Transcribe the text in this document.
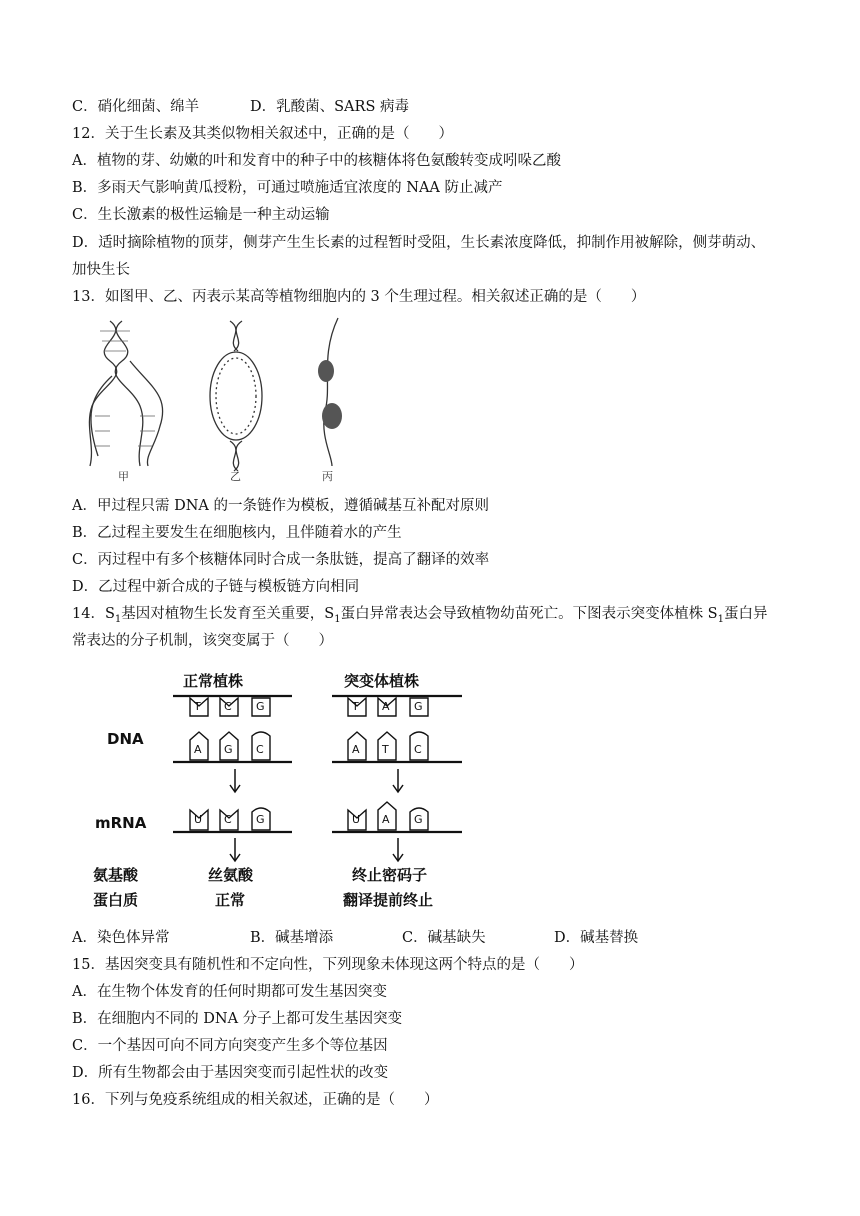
C．硝化细菌、绵羊	D．乳酸菌、SARS 病毒
12．关于生长素及其类似物相关叙述中，正确的是（　　）
A．植物的芽、幼嫩的叶和发育中的种子中的核糖体将色氨酸转变成吲哚乙酸
B．多雨天气影响黄瓜授粉，可通过喷施适宜浓度的 NAA 防止减产
C．生长激素的极性运输是一种主动运输
D．适时摘除植物的顶芽，侧芽产生生长素的过程暂时受阻，生长素浓度降低，抑制作用被解除，侧芽萌动、
加快生长
13．如图甲、乙、丙表示某高等植物细胞内的 3 个生理过程。相关叙述正确的是（　　）
甲	乙	丙
A．甲过程只需 DNA 的一条链作为模板，遵循碱基互补配对原则
B．乙过程主要发生在细胞核内，且伴随着水的产生
C．丙过程中有多个核糖体同时合成一条肽链，提高了翻译的效率
D．乙过程中新合成的子链与模板链方向相同
14．$S_1$基因对植物生长发育至关重要，$S_1$蛋白异常表达会导致植物幼苗死亡。下图表示突变体植株 $S_1$蛋白异
常表达的分子机制，该突变属于（　　）
正常植株	突变体植株
DNA
mRNA
氨基酸
蛋白质
T C G
A G C
U C G
T A G
A T C
U A G
丝氨酸
正常
终止密码子
翻译提前终止
A．染色体异常	B．碱基增添	C．碱基缺失	D．碱基替换
15．基因突变具有随机性和不定向性，下列现象未体现这两个特点的是（　　）
A．在生物个体发育的任何时期都可发生基因突变
B．在细胞内不同的 DNA 分子上都可发生基因突变
C．一个基因可向不同方向突变产生多个等位基因
D．所有生物都会由于基因突变而引起性状的改变
16．下列与免疫系统组成的相关叙述，正确的是（　　）
